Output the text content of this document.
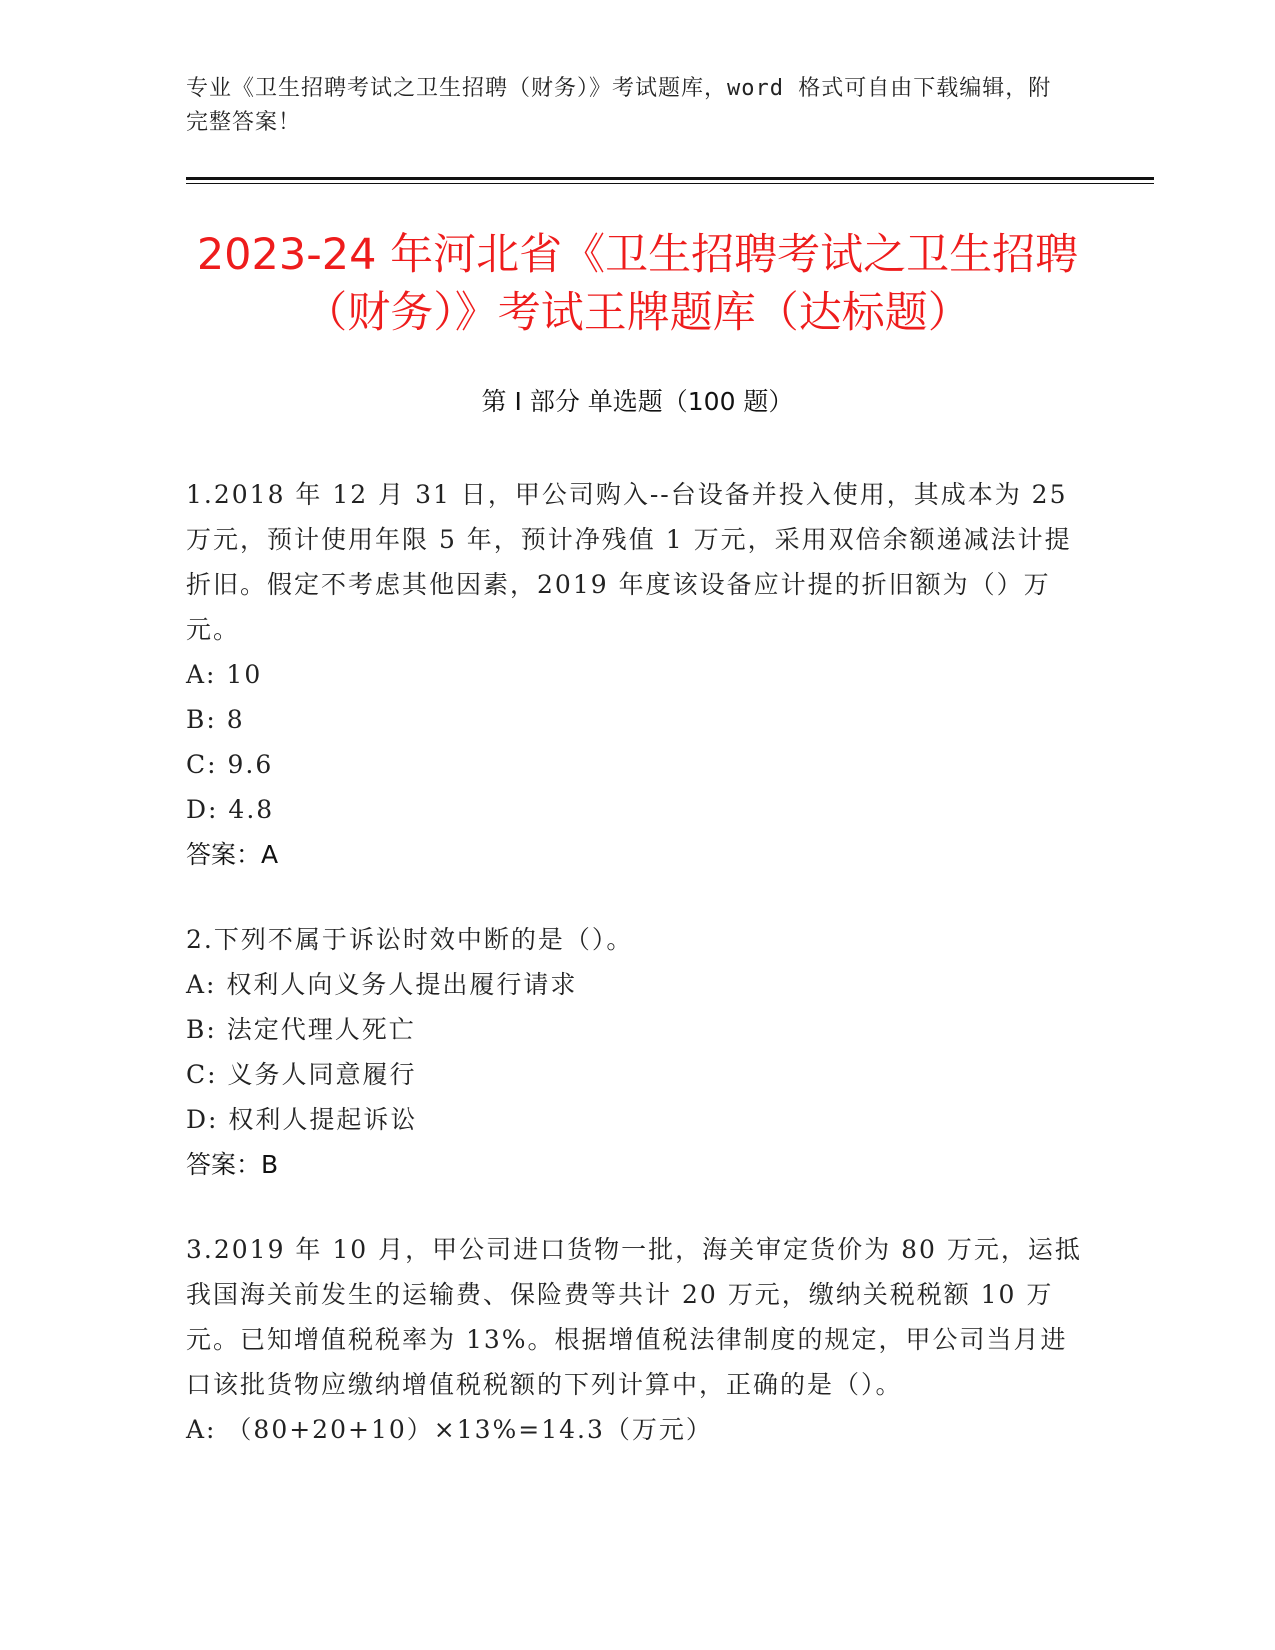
专业《卫生招聘考试之卫生招聘（财务）》考试题库，word 格式可自由下载编辑，附完整答案！
2023-24 年河北省《卫生招聘考试之卫生招聘（财务）》考试王牌题库（达标题）
第 I 部分 单选题（100 题）

1.2018 年 12 月 31 日，甲公司购入--台设备并投入使用，其成本为 25 万元，预计使用年限 5 年，预计净残值 1 万元，采用双倍余额递减法计提折旧。假定不考虑其他因素，2019 年度该设备应计提的折旧额为（）万元。

A: 10

B: 8

C: 9.6

D: 4.8

答案：A

2.下列不属于诉讼时效中断的是（）。

A: 权利人向义务人提出履行请求

B: 法定代理人死亡

C: 义务人同意履行

D: 权利人提起诉讼

答案：B

3.2019 年 10 月，甲公司进口货物一批，海关审定货价为 80 万元，运抵我国海关前发生的运输费、保险费等共计 20 万元，缴纳关税税额 10 万元。已知增值税税率为 13%。根据增值税法律制度的规定，甲公司当月进口该批货物应缴纳增值税税额的下列计算中，正确的是（）。

A: （80+20+10）×13%=14.3（万元）
